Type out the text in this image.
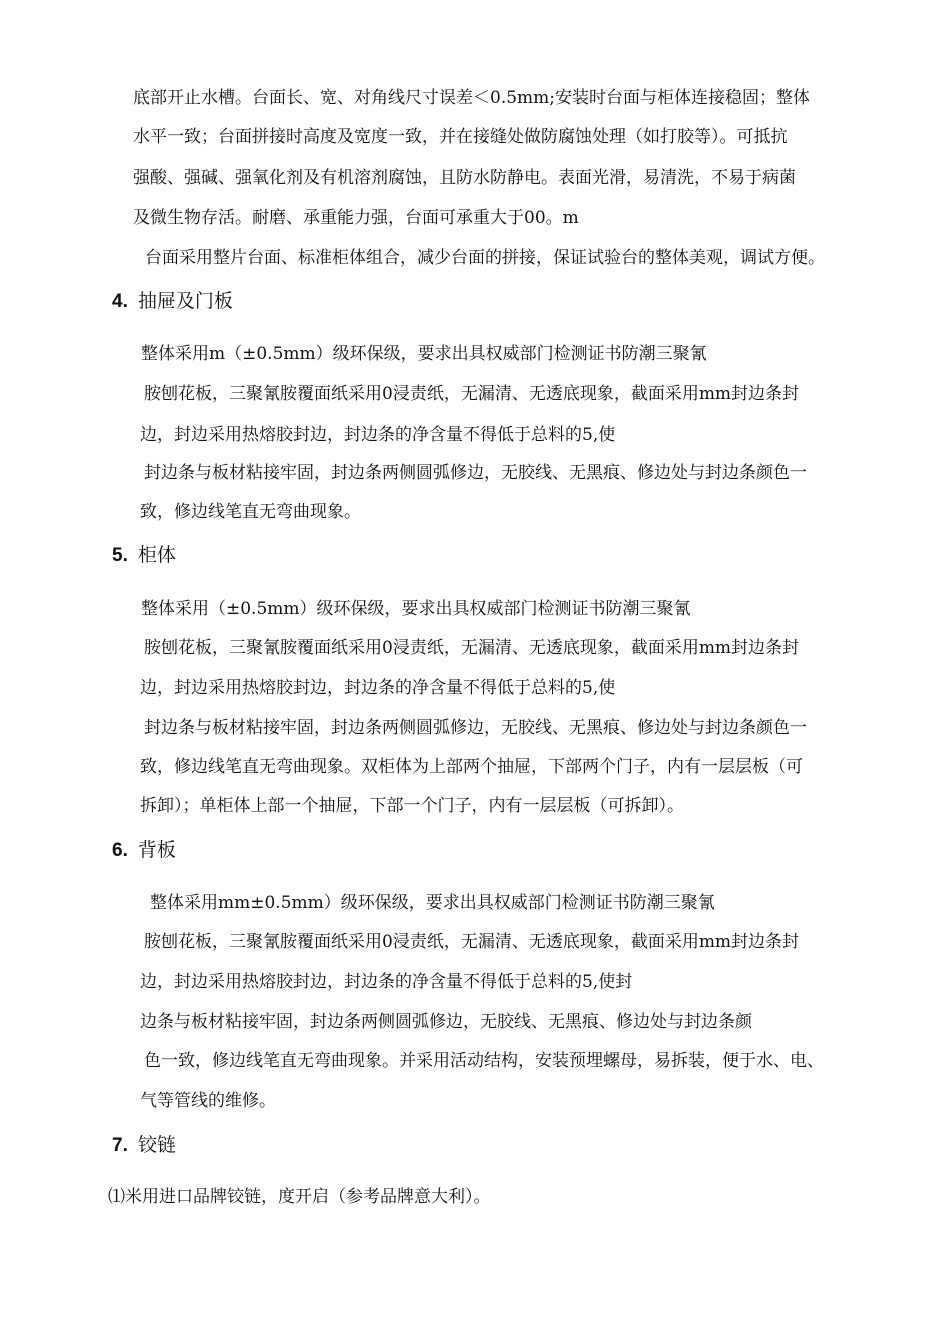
底部开止水槽。台面长、宽、对角线尺寸误差＜0.5mm;安装时台面与柜体连接稳固；整体
水平一致；台面拼接时高度及宽度一致，并在接缝处做防腐蚀处理（如打胶等）。可抵抗
强酸、强碱、强氧化剂及有机溶剂腐蚀，且防水防静电。表面光滑，易清洗，不易于病菌
及微生物存活。耐磨、承重能力强，台面可承重大于00。m
台面采用整片台面、标准柜体组合，减少台面的拼接，保证试验台的整体美观，调试方便。
4. 抽屉及门板
整体采用m（±0.5mm）级环保级，要求出具权威部门检测证书防潮三聚氰
胺刨花板，三聚氰胺覆面纸采用0浸责纸，无漏清、无透底现象，截面采用mm封边条封
边，封边采用热熔胶封边，封边条的净含量不得低于总料的5,使
封边条与板材粘接牢固，封边条两侧圆弧修边，无胶线、无黑痕、修边处与封边条颜色一
致，修边线笔直无弯曲现象。
5. 柜体
整体采用（±0.5mm）级环保级，要求出具权威部门检测证书防潮三聚氰
胺刨花板，三聚氰胺覆面纸采用0浸责纸，无漏清、无透底现象，截面采用mm封边条封
边，封边采用热熔胶封边，封边条的净含量不得低于总料的5,使
封边条与板材粘接牢固，封边条两侧圆弧修边，无胶线、无黑痕、修边处与封边条颜色一
致，修边线笔直无弯曲现象。双柜体为上部两个抽屉，下部两个门子，内有一层层板（可
拆卸）；单柜体上部一个抽屉，下部一个门子，内有一层层板（可拆卸）。
6. 背板
整体采用mm±0.5mm）级环保级，要求出具权威部门检测证书防潮三聚氰
胺刨花板，三聚氰胺覆面纸采用0浸责纸，无漏清、无透底现象，截面采用mm封边条封
边，封边采用热熔胶封边，封边条的净含量不得低于总料的5,使封
边条与板材粘接牢固，封边条两侧圆弧修边，无胶线、无黑痕、修边处与封边条颜
色一致，修边线笔直无弯曲现象。并采用活动结构，安装预埋螺母，易拆装，便于水、电、
气等管线的维修。
7. 铰链
⑴米用进口品牌铰链，度开启（参考品牌意大利）。
